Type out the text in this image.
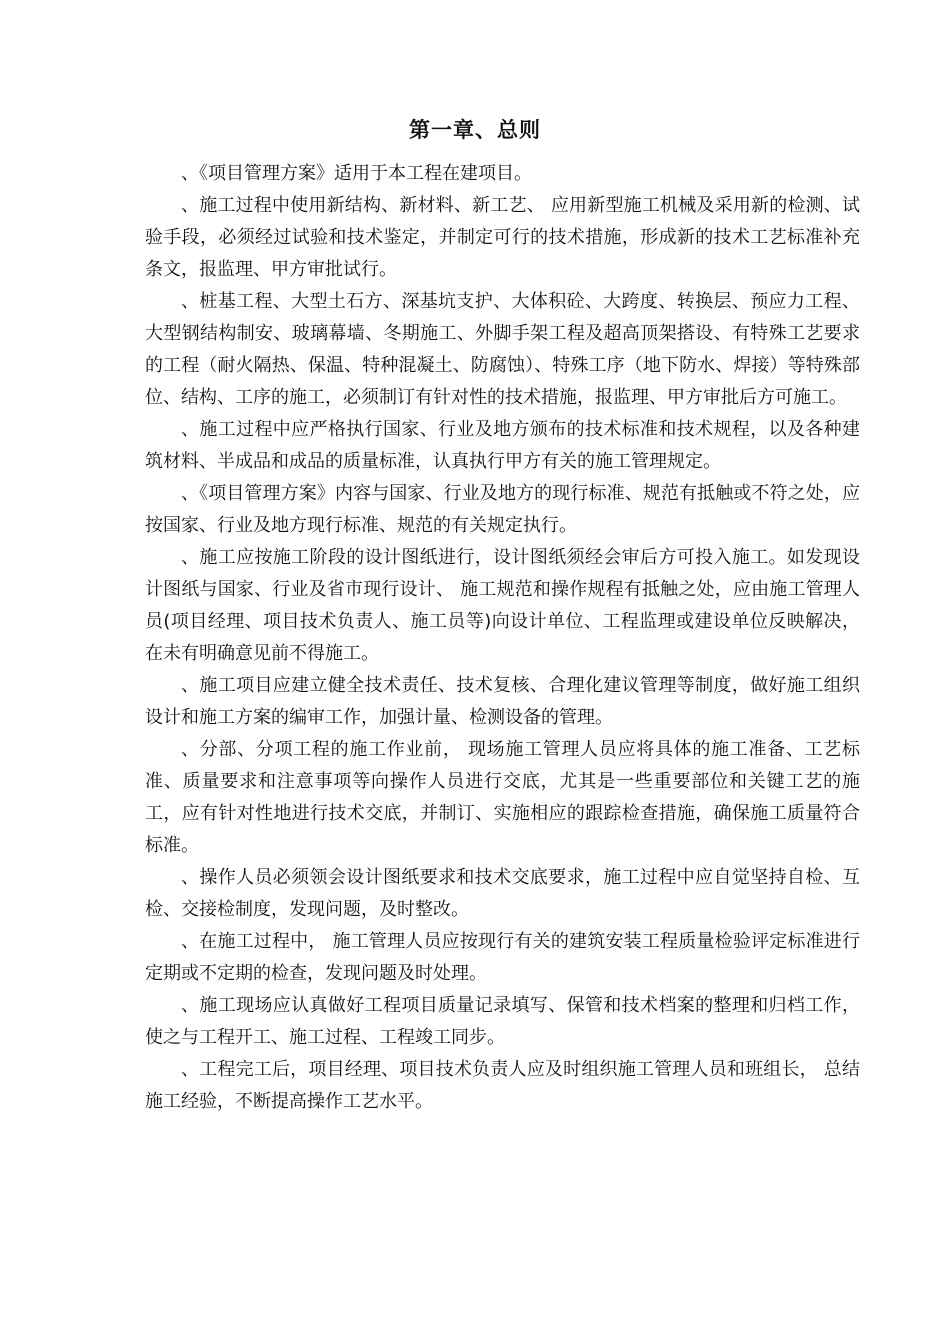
第一章、总则

、《项目管理方案》适用于本工程在建项目。

、施工过程中使用新结构、新材料、新工艺、 应用新型施工机械及采用新的检测、试验手段，必须经过试验和技术鉴定，并制定可行的技术措施，形成新的技术工艺标准补充条文，报监理、甲方审批试行。

、桩基工程、大型土石方、深基坑支护、大体积砼、大跨度、转换层、预应力工程、大型钢结构制安、玻璃幕墙、冬期施工、外脚手架工程及超高顶架搭设、有特殊工艺要求的工程（耐火隔热、保温、特种混凝土、防腐蚀）、特殊工序（地下防水、焊接）等特殊部位、结构、工序的施工，必须制订有针对性的技术措施，报监理、甲方审批后方可施工。

、施工过程中应严格执行国家、行业及地方颁布的技术标准和技术规程，以及各种建筑材料、半成品和成品的质量标准，认真执行甲方有关的施工管理规定。

、《项目管理方案》内容与国家、行业及地方的现行标准、规范有抵触或不符之处，应按国家、行业及地方现行标准、规范的有关规定执行。

、施工应按施工阶段的设计图纸进行，设计图纸须经会审后方可投入施工。如发现设计图纸与国家、行业及省市现行设计、 施工规范和操作规程有抵触之处，应由施工管理人员(项目经理、项目技术负责人、施工员等)向设计单位、工程监理或建设单位反映解决，在未有明确意见前不得施工。

、施工项目应建立健全技术责任、技术复核、合理化建议管理等制度，做好施工组织设计和施工方案的编审工作，加强计量、检测设备的管理。

、分部、分项工程的施工作业前， 现场施工管理人员应将具体的施工准备、工艺标准、质量要求和注意事项等向操作人员进行交底，尤其是一些重要部位和关键工艺的施工，应有针对性地进行技术交底，并制订、实施相应的跟踪检查措施，确保施工质量符合标准。

、操作人员必须领会设计图纸要求和技术交底要求，施工过程中应自觉坚持自检、互检、交接检制度，发现问题，及时整改。

、在施工过程中， 施工管理人员应按现行有关的建筑安装工程质量检验评定标准进行定期或不定期的检查，发现问题及时处理。

、施工现场应认真做好工程项目质量记录填写、保管和技术档案的整理和归档工作，使之与工程开工、施工过程、工程竣工同步。

、工程完工后，项目经理、项目技术负责人应及时组织施工管理人员和班组长， 总结施工经验，不断提高操作工艺水平。
